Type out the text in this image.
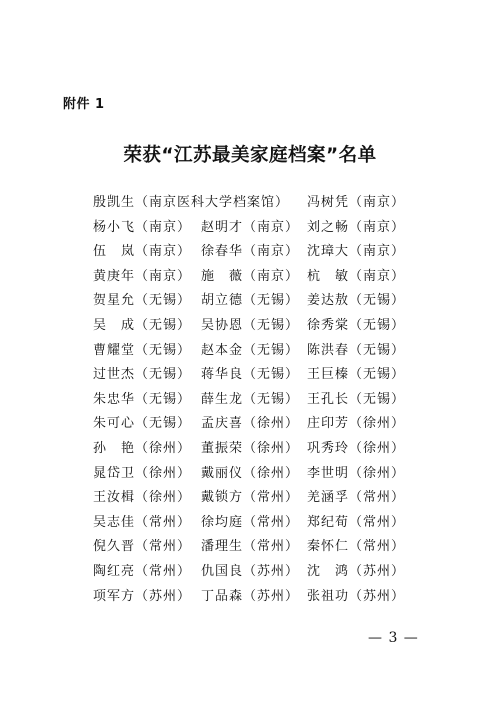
附件 1
荣获“江苏最美家庭档案”名单
殷凯生（南京医科大学档案馆） 冯树凭（南京）
杨小飞（南京） 赵明才（南京） 刘之畅（南京）
伍　岚（南京） 徐春华（南京） 沈璋大（南京）
黄庚年（南京） 施　薇（南京） 杭　敏（南京）
贺星允（无锡） 胡立德（无锡） 姜达敖（无锡）
吴　成（无锡） 吴协恩（无锡） 徐秀棠（无锡）
曹耀堂（无锡） 赵本金（无锡） 陈洪春（无锡）
过世杰（无锡） 蒋华良（无锡） 王巨榛（无锡）
朱忠华（无锡） 薛生龙（无锡） 王孔长（无锡）
朱可心（无锡） 孟庆喜（徐州） 庄印芳（徐州）
孙　艳（徐州） 董振荣（徐州） 巩秀玲（徐州）
晁岱卫（徐州） 戴丽仪（徐州） 李世明（徐州）
王汝楫（徐州） 戴锁方（常州） 羌涵孚（常州）
吴志佳（常州） 徐均庭（常州） 郑纪荀（常州）
倪久晋（常州） 潘理生（常州） 秦怀仁（常州）
陶红亮（常州） 仇国良（苏州） 沈　鸿（苏州）
项军方（苏州） 丁品森（苏州） 张祖功（苏州）
— 3 —
